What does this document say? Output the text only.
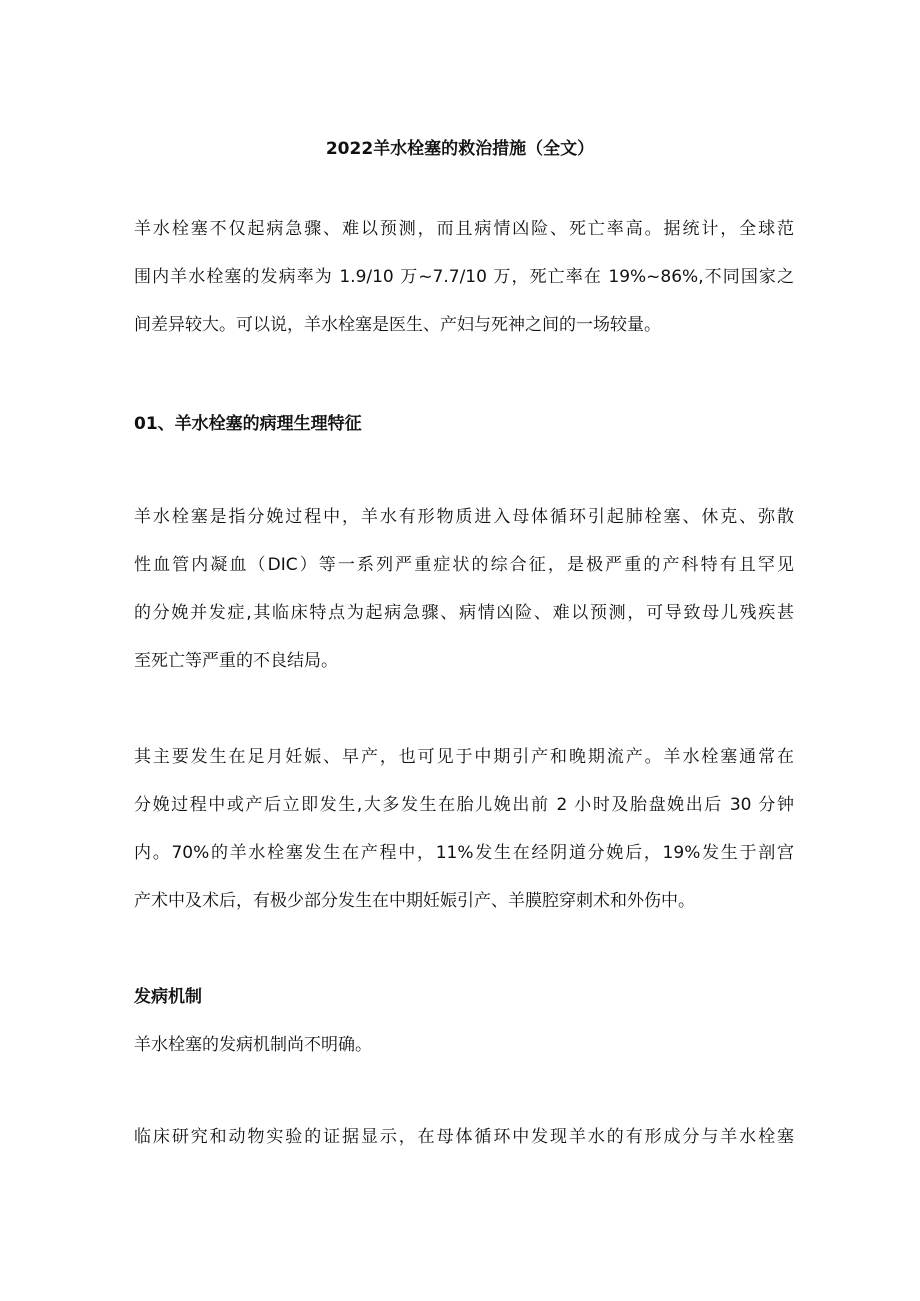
2022羊水栓塞的救治措施（全文）

羊水栓塞不仅起病急骤、难以预测，而且病情凶险、死亡率高。据统计，全球范
围内羊水栓塞的发病率为 1.9/10 万~7.7/10 万，死亡率在 19%~86%,不同国家之
间差异较大。可以说，羊水栓塞是医生、产妇与死神之间的一场较量。

01、羊水栓塞的病理生理特征

羊水栓塞是指分娩过程中，羊水有形物质进入母体循环引起肺栓塞、休克、弥散
性血管内凝血（DIC）等一系列严重症状的综合征，是极严重的产科特有且罕见
的分娩并发症,其临床特点为起病急骤、病情凶险、难以预测，可导致母儿残疾甚
至死亡等严重的不良结局。

其主要发生在足月妊娠、早产，也可见于中期引产和晚期流产。羊水栓塞通常在
分娩过程中或产后立即发生,大多发生在胎儿娩出前 2 小时及胎盘娩出后 30 分钟
内。70%的羊水栓塞发生在产程中，11%发生在经阴道分娩后，19%发生于剖宫
产术中及术后，有极少部分发生在中期妊娠引产、羊膜腔穿刺术和外伤中。

发病机制

羊水栓塞的发病机制尚不明确。

临床研究和动物实验的证据显示，在母体循环中发现羊水的有形成分与羊水栓塞
